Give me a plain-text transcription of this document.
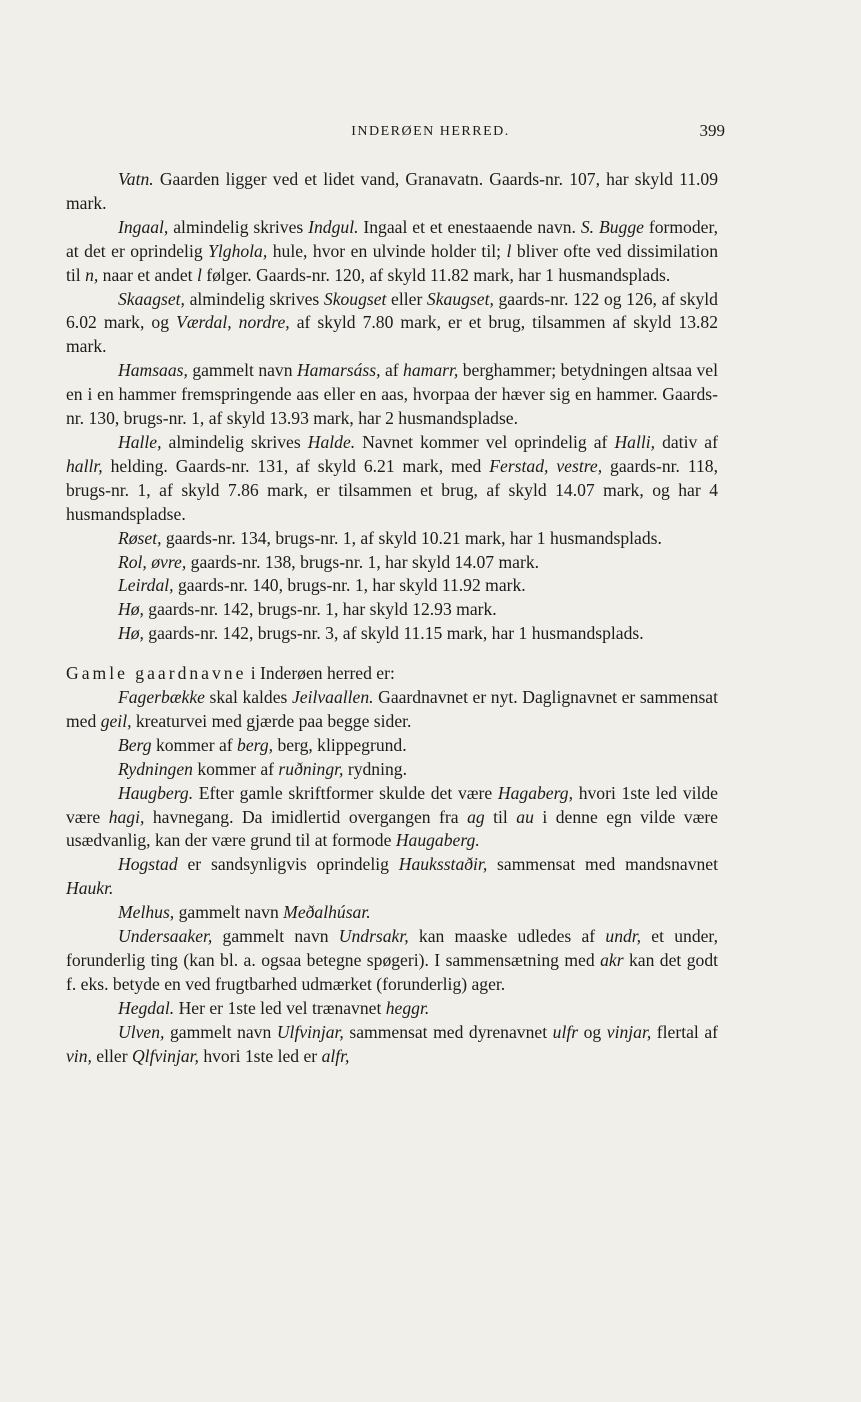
INDERØEN HERRED.	399

Vatn. Gaarden ligger ved et lidet vand, Granavatn. Gaards-nr. 107, har skyld 11.09 mark.

Ingaal, almindelig skrives Indgul. Ingaal et et enestaaende navn. S. Bugge formoder, at det er oprindelig Ylghola, hule, hvor en ulvinde holder til; l bliver ofte ved dissimilation til n, naar et andet l følger. Gaards-nr. 120, af skyld 11.82 mark, har 1 husmandsplads.

Skaagset, almindelig skrives Skougset eller Skaugset, gaards-nr. 122 og 126, af skyld 6.02 mark, og Værdal, nordre, af skyld 7.80 mark, er et brug, tilsammen af skyld 13.82 mark.

Hamsaas, gammelt navn Hamarsáss, af hamarr, berghammer; betydningen altsaa vel en i en hammer fremspringende aas eller en aas, hvorpaa der hæver sig en hammer. Gaards-nr. 130, brugs-nr. 1, af skyld 13.93 mark, har 2 husmandspladse.

Halle, almindelig skrives Halde. Navnet kommer vel oprindelig af Halli, dativ af hallr, helding. Gaards-nr. 131, af skyld 6.21 mark, med Ferstad, vestre, gaards-nr. 118, brugs-nr. 1, af skyld 7.86 mark, er tilsammen et brug, af skyld 14.07 mark, og har 4 husmandspladse.

Røset, gaards-nr. 134, brugs-nr. 1, af skyld 10.21 mark, har 1 husmandsplads.

Rol, øvre, gaards-nr. 138, brugs-nr. 1, har skyld 14.07 mark.

Leirdal, gaards-nr. 140, brugs-nr. 1, har skyld 11.92 mark.

Hø, gaards-nr. 142, brugs-nr. 1, har skyld 12.93 mark.

Hø, gaards-nr. 142, brugs-nr. 3, af skyld 11.15 mark, har 1 husmandsplads.

Gamle gaardnavne i Inderøen herred er:

Fagerbække skal kaldes Jeilvaallen. Gaardnavnet er nyt. Daglignavnet er sammensat med geil, kreaturvei med gjærde paa begge sider.

Berg kommer af berg, berg, klippegrund.

Rydningen kommer af ruðningr, rydning.

Haugberg. Efter gamle skriftformer skulde det være Hagaberg, hvori 1ste led vilde være hagi, havnegang. Da imidlertid overgangen fra ag til au i denne egn vilde være usædvanlig, kan der være grund til at formode Haugaberg.

Hogstad er sandsynligvis oprindelig Hauksstaðir, sammensat med mandsnavnet Haukr.

Melhus, gammelt navn Meðalhúsar.

Undersaaker, gammelt navn Undrsakr, kan maaske udledes af undr, et under, forunderlig ting (kan bl. a. ogsaa betegne spøgeri). I sammensætning med akr kan det godt f. eks. betyde en ved frugtbarhed udmærket (forunderlig) ager.

Hegdal. Her er 1ste led vel trænavnet heggr.

Ulven, gammelt navn Ulfvinjar, sammensat med dyrenavnet ulfr og vinjar, flertal af vin, eller Qlfvinjar, hvori 1ste led er alfr,
